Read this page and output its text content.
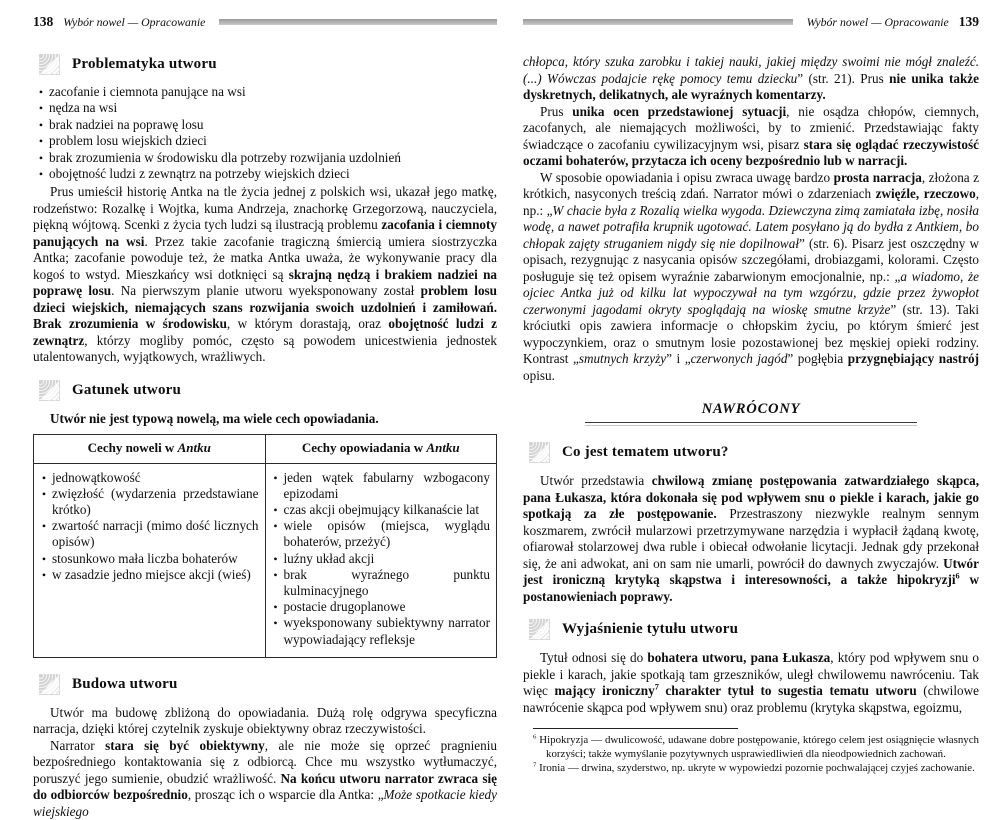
138 Wybór nowel — Opracowanie
Problematyka utworu
• zacofanie i ciemnota panujące na wsi
• nędza na wsi
• brak nadziei na poprawę losu
• problem losu wiejskich dzieci
• brak zrozumienia w środowisku dla potrzeby rozwijania uzdolnień
• obojętność ludzi z zewnątrz na potrzeby wiejskich dzieci

Prus umieścił historię Antka na tle życia jednej z polskich wsi, ukazał jego matkę, rodzeństwo: Rozalkę i Wojtka, kuma Andrzeja, znachorkę Grzegorzową, nauczyciela, piękną wójtową. Scenki z życia tych ludzi są ilustracją problemu zacofania i ciemnoty panujących na wsi. Przez takie zacofanie tragiczną śmiercią umiera siostrzyczka Antka; zacofanie powoduje też, że matka Antka uważa, że wykonywanie pracy dla kogoś to wstyd. Mieszkańcy wsi dotknięci są skrajną nędzą i brakiem nadziei na poprawę losu. Na pierwszym planie utworu wyeksponowany został problem losu dzieci wiejskich, niemających szans rozwijania swoich uzdolnień i zamiłowań. Brak zrozumienia w środowisku, w którym dorastają, oraz obojętność ludzi z zewnątrz, którzy mogliby pomóc, często są powodem unicestwienia jednostek utalentowanych, wyjątkowych, wrażliwych.

Gatunek utworu

Utwór nie jest typową nowelą, ma wiele cech opowiadania.

Cechy noweli w Antku	Cechy opowiadania w Antku
• jednowątkowość
• zwięzłość (wydarzenia przedstawiane krótko)
• zwartość narracji (mimo dość licznych opisów)
• stosunkowo mała liczba bohaterów
• w zasadzie jedno miejsce akcji (wieś)
• jeden wątek fabularny wzbogacony epizodami
• czas akcji obejmujący kilkanaście lat
• wiele opisów (miejsca, wyglądu bohaterów, przeżyć)
• luźny układ akcji
• brak wyraźnego punktu kulminacyjnego
• postacie drugoplanowe
• wyeksponowany subiektywny narrator wypowiadający refleksje
Budowa utworu

Utwór ma budowę zbliżoną do opowiadania. Dużą rolę odgrywa specyficzna narracja, dzięki której czytelnik zyskuje obiektywny obraz rzeczywistości.

Narrator stara się być obiektywny, ale nie może się oprzeć pragnieniu bezpośredniego kontaktowania się z odbiorcą. Chce mu wszystko wytłumaczyć, poruszyć jego sumienie, obudzić wrażliwość. Na końcu utworu narrator zwraca się do odbiorców bezpośrednio, prosząc ich o wsparcie dla Antka: „Może spotkacie kiedy wiejskiego

Wybór nowel — Opracowanie 139

chłopca, który szuka zarobku i takiej nauki, jakiej między swoimi nie mógł znaleźć. (...) Wówczas podajcie rękę pomocy temu dziecku” (str. 21). Prus nie unika także dyskretnych, delikatnych, ale wyraźnych komentarzy.

Prus unika ocen przedstawionej sytuacji, nie osądza chłopów, ciemnych, zacofanych, ale niemających możliwości, by to zmienić. Przedstawiając fakty świadczące o zacofaniu cywilizacyjnym wsi, pisarz stara się oglądać rzeczywistość oczami bohaterów, przytacza ich oceny bezpośrednio lub w narracji.

W sposobie opowiadania i opisu zwraca uwagę bardzo prosta narracja, złożona z krótkich, nasyconych treścią zdań. Narrator mówi o zdarzeniach zwięźle, rzeczowo, np.: „W chacie była z Rozalią wielka wygoda. Dziewczyna zimą zamiatała izbę, nosiła wodę, a nawet potrafiła krupnik ugotować. Latem posyłano ją do bydła z Antkiem, bo chłopak zajęty struganiem nigdy się nie dopilnował” (str. 6). Pisarz jest oszczędny w opisach, rezygnując z nasycania opisów szczegółami, drobiazgami, kolorami. Często posługuje się też opisem wyraźnie zabarwionym emocjonalnie, np.: „a wiadomo, że ojciec Antka już od kilku lat wypoczywał na tym wzgórzu, gdzie przez żywopłot czerwonymi jagodami okryty spoglądają na wioskę smutne krzyże” (str. 13). Taki króciutki opis zawiera informacje o chłopskim życiu, po którym śmierć jest wypoczynkiem, oraz o smutnym losie pozostawionej bez męskiej opieki rodziny. Kontrast „smutnych krzyży” i „czerwonych jagód” pogłębia przygnębiający nastrój opisu.

NAWRÓCONY

Co jest tematem utworu?

Utwór przedstawia chwilową zmianę postępowania zatwardziałego skąpca, pana Łukasza, która dokonała się pod wpływem snu o piekle i karach, jakie go spotkają za złe postępowanie. Przestraszony niezwykle realnym sennym koszmarem, zwrócił mularzowi przetrzymywane narzędzia i wypłacił żądaną kwotę, ofiarował stolarzowej dwa ruble i obiecał odwołanie licytacji. Jednak gdy przekonał się, że ani adwokat, ani on sam nie umarli, powrócił do dawnych zwyczajów. Utwór jest ironiczną krytyką skąpstwa i interesowności, a także hipokryzji$^6$ w postanowieniach poprawy.

Wyjaśnienie tytułu utworu

Tytuł odnosi się do bohatera utworu, pana Łukasza, który pod wpływem snu o piekle i karach, jakie spotkają tam grzeszników, uległ chwilowemu nawróceniu. Tak więc mający ironiczny$^7$ charakter tytuł to sugestia tematu utworu (chwilowe nawrócenie skąpca pod wpływem snu) oraz problemu (krytyka skąpstwa, egoizmu,

$^6$ Hipokryzja — dwulicowość, udawane dobre postępowanie, którego celem jest osiągnięcie własnych korzyści; także wymyślanie pozytywnych usprawiedliwień dla nieodpowiednich zachowań.

$^7$ Ironia — drwina, szyderstwo, np. ukryte w wypowiedzi pozornie pochwalającej czyjeś zachowanie.
